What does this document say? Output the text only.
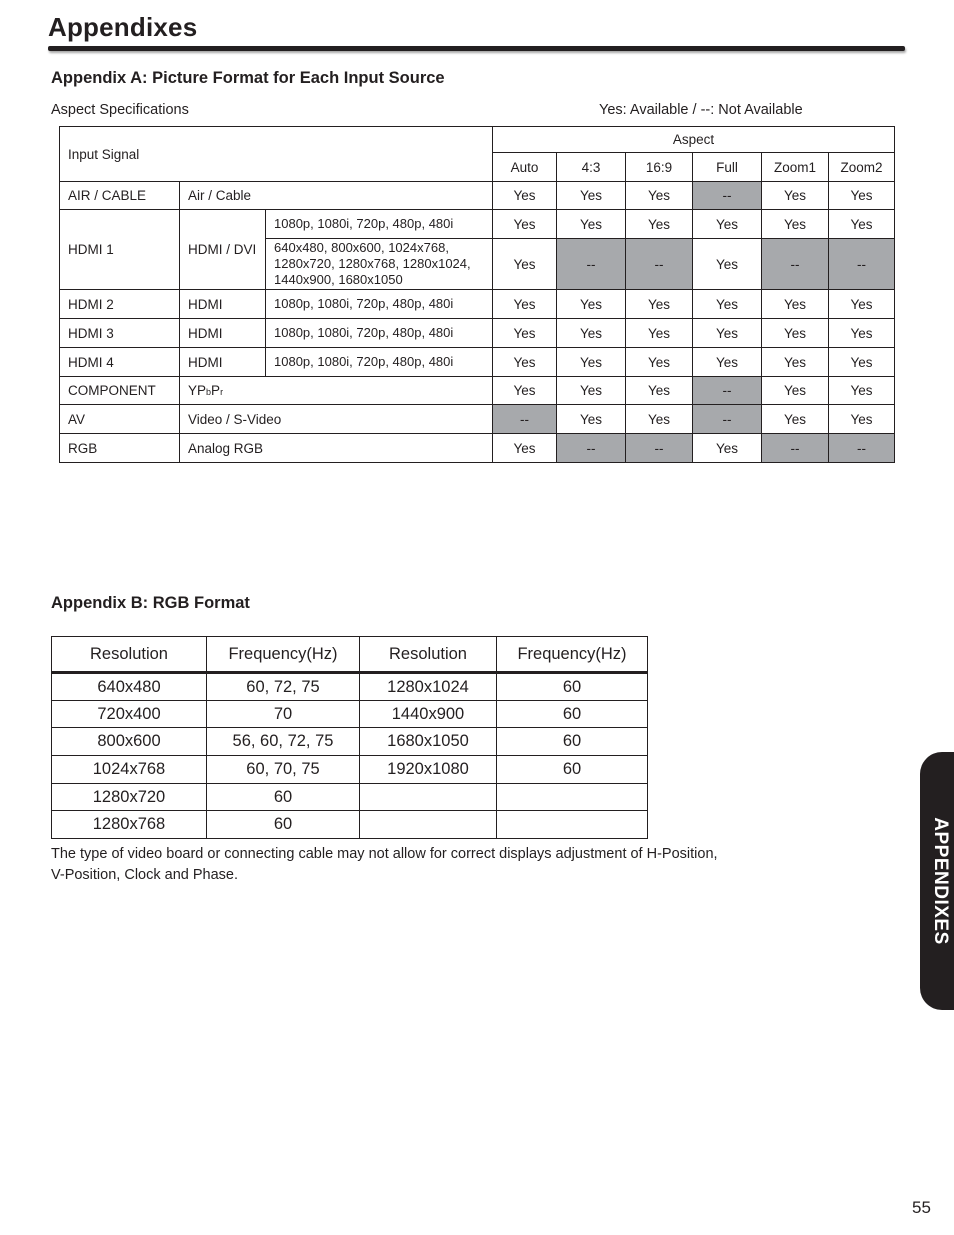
Appendixes
Appendix A: Picture Format for Each Input Source
Aspect Specifications	Yes: Available / --: Not Available
Input Signal			Aspect					
			Auto	4:3	16:9	Full	Zoom1	Zoom2
AIR / CABLE	Air / Cable		Yes	Yes	Yes	--	Yes	Yes
HDMI 1	HDMI / DVI	1080p, 1080i, 720p, 480p, 480i	Yes	Yes	Yes	Yes	Yes	Yes

		640x480, 800x600, 1024x768,
1280x720, 1280x768, 1280x1024,
1440x900, 1680x1050	Yes	--	--	Yes	--	--
HDMI 2	HDMI	1080p, 1080i, 720p, 480p, 480i	Yes	Yes	Yes	Yes	Yes	Yes
HDMI 3	HDMI	1080p, 1080i, 720p, 480p, 480i	Yes	Yes	Yes	Yes	Yes	Yes
HDMI 4	HDMI	1080p, 1080i, 720p, 480p, 480i	Yes	Yes	Yes	Yes	Yes	Yes
COMPONENT	YPbPr		Yes	Yes	Yes	--	Yes	Yes
AV	Video / S-Video		--	Yes	Yes	--	Yes	Yes
RGB	Analog RGB		Yes	--	--	Yes	--	--
Appendix B: RGB Format
Resolution	Frequency(Hz)	Resolution	Frequency(Hz)
640x480	60, 72, 75	1280x1024	60
720x400	70	1440x900	60
800x600	56, 60, 72, 75	1680x1050	60
1024x768	60, 70, 75	1920x1080	60
1280x720	60		
1280x768	60		
The type of video board or connecting cable may not allow for correct displays adjustment of H-Position,
V-Position, Clock and Phase.	APPENDIXES
55
